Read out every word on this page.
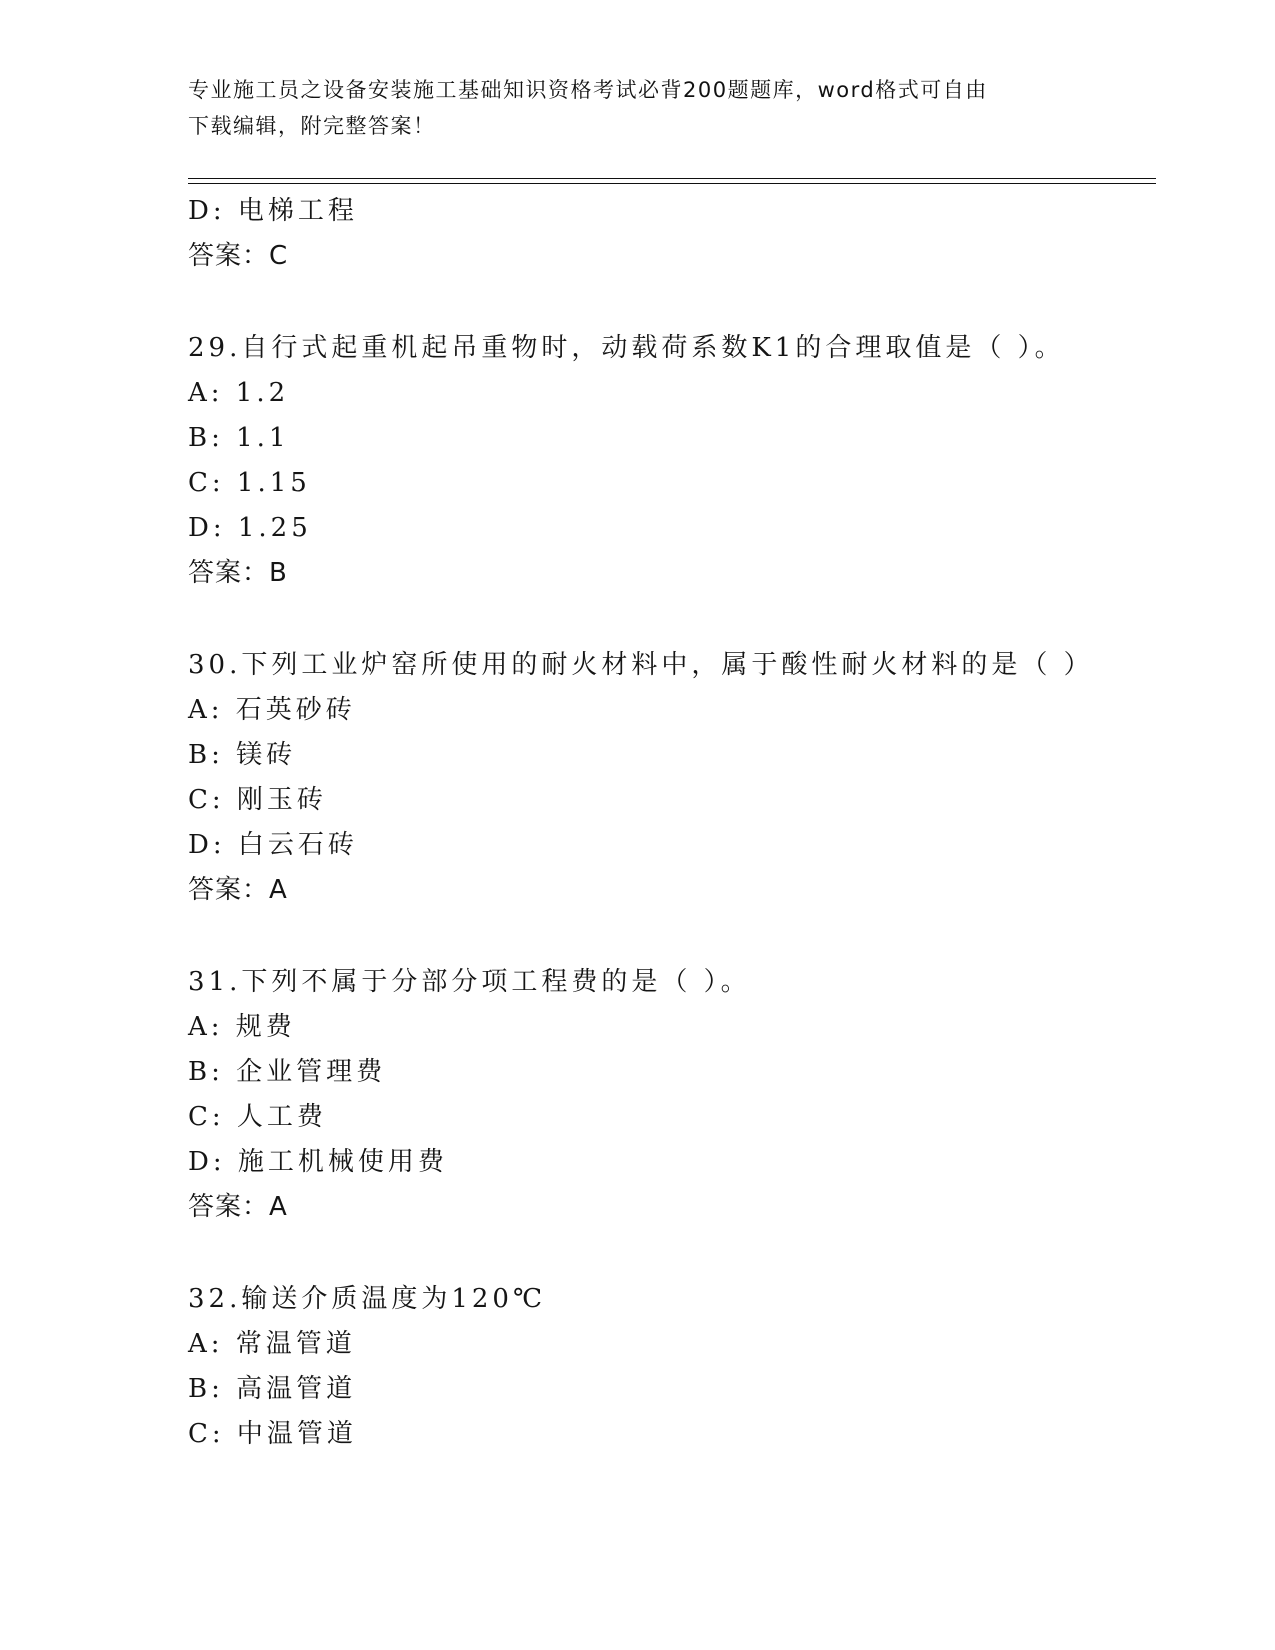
专业施工员之设备安装施工基础知识资格考试必背200题题库，word格式可自由
下载编辑，附完整答案！
D: 电梯工程
答案：C
29.自行式起重机起吊重物时，动载荷系数K1的合理取值是（ ）。
A: 1.2
B: 1.1
C: 1.15
D: 1.25
答案：B
30.下列工业炉窑所使用的耐火材料中，属于酸性耐火材料的是（ ）
A: 石英砂砖
B: 镁砖
C: 刚玉砖
D: 白云石砖
答案：A
31.下列不属于分部分项工程费的是（ ）。
A: 规费
B: 企业管理费
C: 人工费
D: 施工机械使用费
答案：A
32.输送介质温度为120℃
A: 常温管道
B: 高温管道
C: 中温管道
